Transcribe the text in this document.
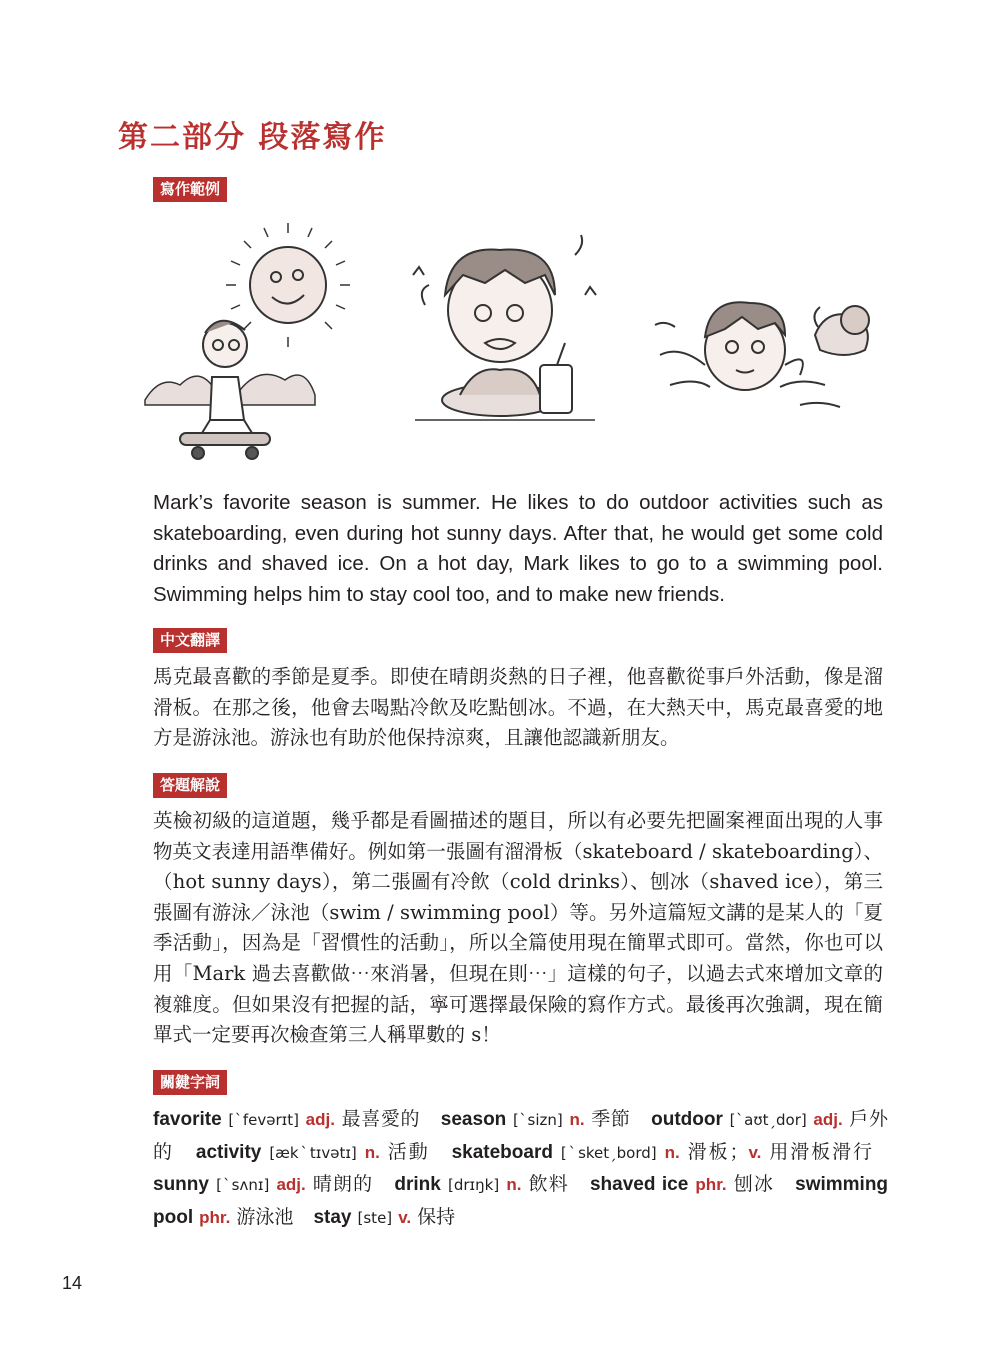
第二部分 段落寫作
寫作範例

Mark’s favorite season is summer. He likes to do outdoor activities such as skateboarding, even during hot sunny days. After that, he would get some cold drinks and shaved ice. On a hot day, Mark likes to go to a swimming pool. Swimming helps him to stay cool too, and to make new friends.

中文翻譯

馬克最喜歡的季節是夏季。即使在晴朗炎熱的日子裡，他喜歡從事戶外活動，像是溜滑板。在那之後，他會去喝點冷飲及吃點刨冰。不過，在大熱天中，馬克最喜愛的地方是游泳池。游泳也有助於他保持涼爽，且讓他認識新朋友。

答題解說

英檢初級的這道題，幾乎都是看圖描述的題目，所以有必要先把圖案裡面出現的人事物英文表達用語準備好。例如第一張圖有溜滑板（skateboard / skateboarding）、（hot sunny days），第二張圖有冷飲（cold drinks）、刨冰（shaved ice），第三張圖有游泳／泳池（swim / swimming pool）等。另外這篇短文講的是某人的「夏季活動」，因為是「習慣性的活動」，所以全篇使用現在簡單式即可。當然，你也可以用「Mark 過去喜歡做⋯來消暑，但現在則⋯」這樣的句子，以過去式來增加文章的複雜度。但如果沒有把握的話，寧可選擇最保險的寫作方式。最後再次強調，現在簡單式一定要再次檢查第三人稱單數的 s！

關鍵字詞
favorite [ˋfevərɪt] adj. 最喜愛的 season [ˋsizn] n. 季節 outdoor [ˋaʊtˏdor] adj. 戶外的 activity [ækˋtɪvətɪ] n. 活動 skateboard [ˋsketˏbord] n. 滑板；v. 用滑板滑行 sunny [ˋsʌnɪ] adj. 晴朗的 drink [drɪŋk] n. 飲料 shaved ice phr. 刨冰 swimming pool phr. 游泳池 stay [ste] v. 保持
14
